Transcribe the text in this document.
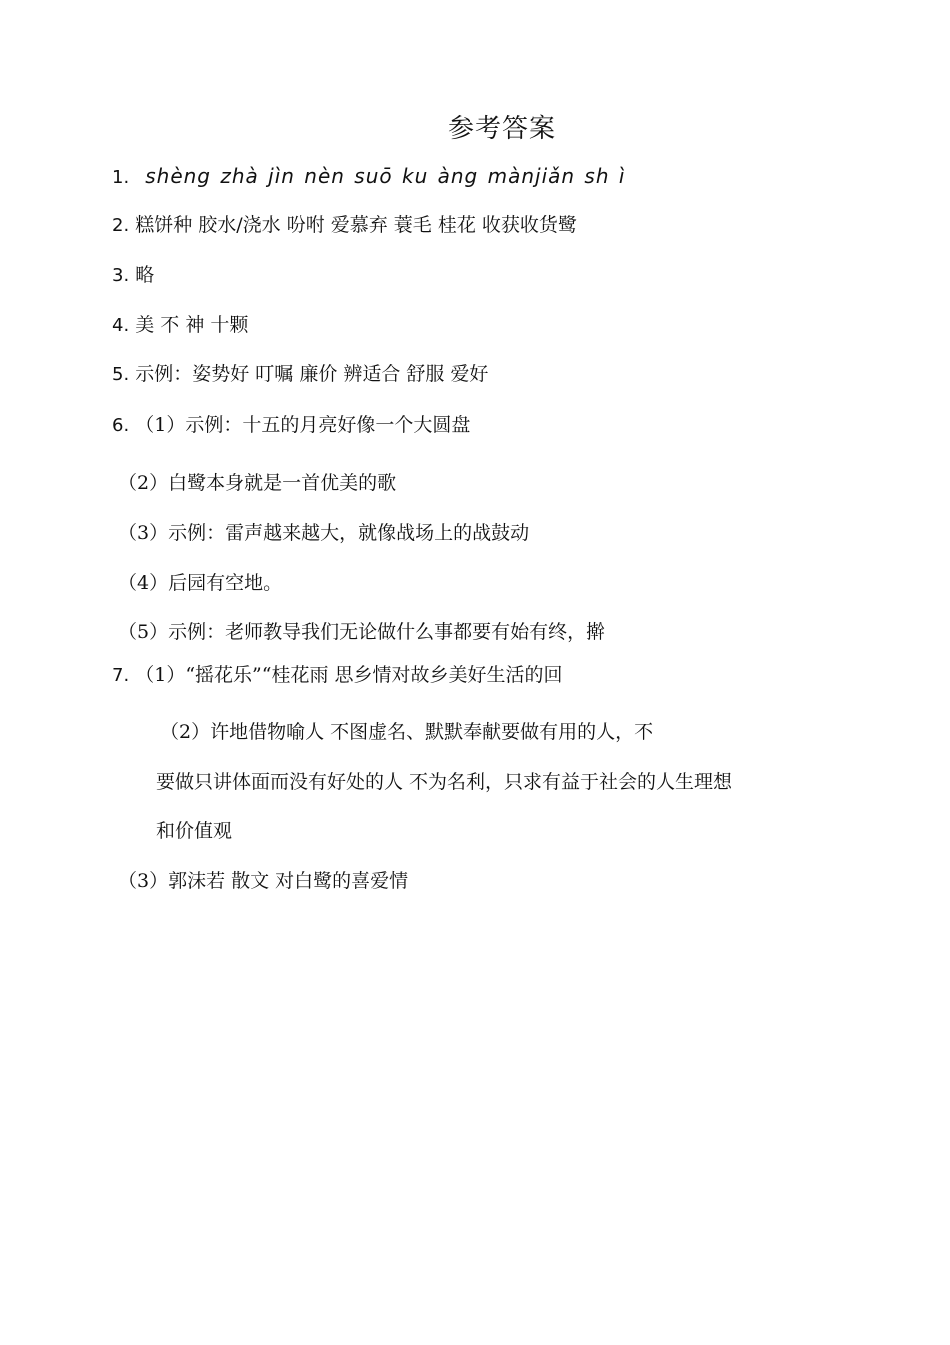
参考答案
1. shèng zhà jìn nèn suō ku àng mànjiǎn sh ì
2. 糕饼种 胶水/浇水 吩咐 爱慕弃 蓑毛 桂花 收获收货鹭
3. 略
4. 美 不 神 十颗
5. 示例：姿势好 叮嘱 廉价 辨适合 舒服 爱好
6. （1）示例：十五的月亮好像一个大圆盘
（2）白鹭本身就是一首优美的歌
（3）示例：雷声越来越大，就像战场上的战鼓动
（4）后园有空地。
（5）示例：老师教导我们无论做什么事都要有始有终，擀
7. （1）“摇花乐”“桂花雨 思乡情对故乡美好生活的回
（2）许地借物喻人 不图虚名、默默奉献要做有用的人，不
要做只讲体面而没有好处的人 不为名利，只求有益于社会的人生理想
和价值观
（3）郭沫若 散文 对白鹭的喜爱情
